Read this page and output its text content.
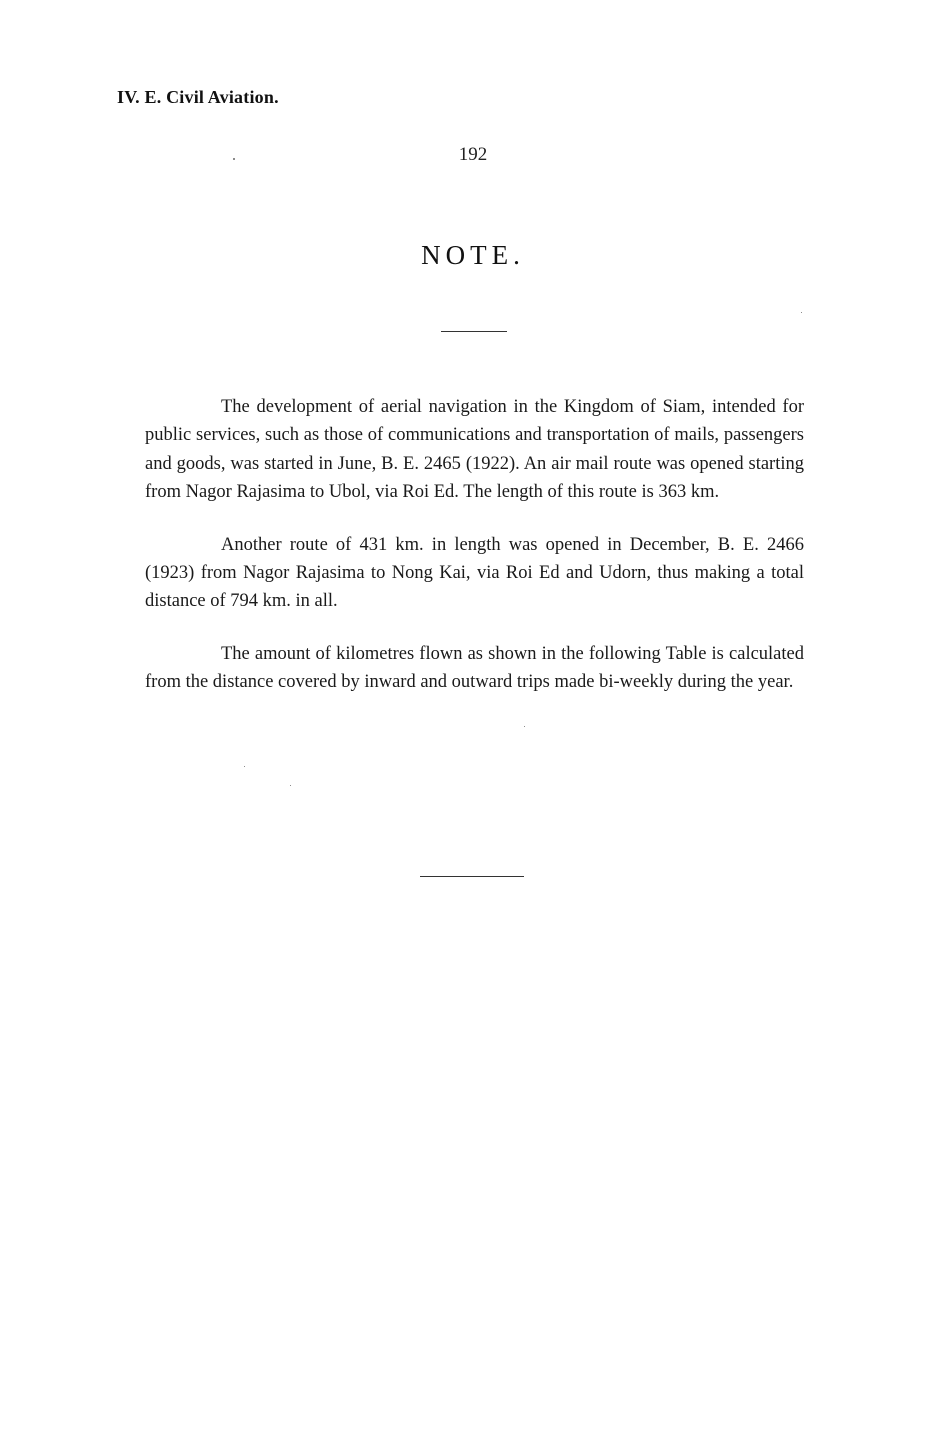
IV. E. Civil Aviation.
192
NOTE.

The development of aerial navigation in the Kingdom of Siam, intended for public services, such as those of communications and transportation of mails, passengers and goods, was started in June, B. E. 2465 (1922). An air mail route was opened starting from Nagor Rajasima to Ubol, via Roi Ed. The length of this route is 363 km.

Another route of 431 km. in length was opened in December, B. E. 2466 (1923) from Nagor Rajasima to Nong Kai, via Roi Ed and Udorn, thus making a total distance of 794 km. in all.

The amount of kilometres flown as shown in the following Table is calculated from the distance covered by inward and outward trips made bi-weekly during the year.
